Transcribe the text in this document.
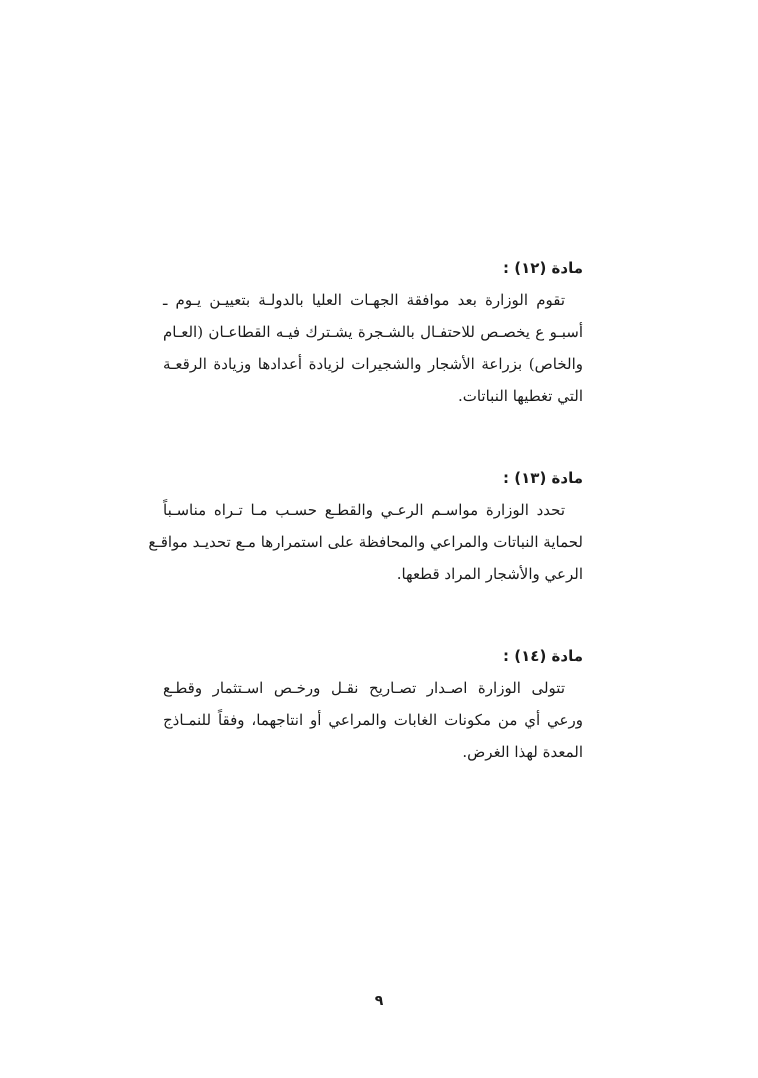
مادة (١٢) :
تقوم الوزارة بعد موافقة الجهـات العليا بالدولـة بتعييـن يـوم ـ
أسبـو ع يخصـص للاحتفـال بالشـجرة يشـترك فيـه القطاعـان (العـام
والخاص) بزراعة الأشجار والشجيرات لزيادة أعدادها وزيادة الرقعـة
التي تغطيها النباتات.
مادة (١٣) :
تحدد الوزارة مواسـم الرعـي والقطـع حسـب مـا تـراه مناسـباً
لحماية النباتات والمراعي والمحافظة على استمرارها مـع تحديـد مواقـع
الرعي والأشجار المراد قطعها.
مادة (١٤) :
تتولى الوزارة اصـدار تصـاريح نقـل ورخـص اسـتثمار وقطـع
ورعي أي من مكونات الغابات والمراعي أو انتاجهما، وفقاً للنمـاذج
المعدة لهذا الغرض.
٩
